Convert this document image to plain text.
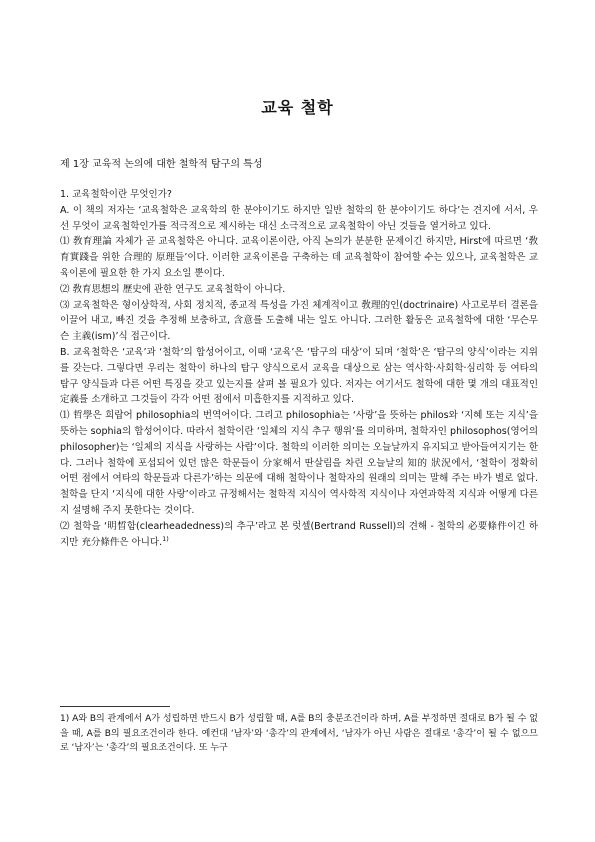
교육 철학
제 1장 교육적 논의에 대한 철학적 탐구의 특성

1. 교육철학이란 무엇인가?

A. 이 책의 저자는 ‘교육철학은 교육학의 한 분야이기도 하지만 일반 철학의 한 분야이기도 하다’는 견지에 서서, 우선 무엇이 교육철학인가를 적극적으로 제시하는 대신 소극적으로 교육철학이 아닌 것들을 열거하고 있다.

⑴ 敎育理論 자체가 곧 교육철학은 아니다. 교육이론이란, 아직 논의가 분분한 문제이긴 하지만, Hirst에 따르면 ‘敎育實踐을 위한 合理的 原理들’이다. 이러한 교육이론을 구축하는 데 교육철학이 참여할 수는 있으나, 교육철학은 교육이론에 필요한 한 가지 요소일 뿐이다.

⑵ 敎育思想의 歷史에 관한 연구도 교육철학이 아니다.

⑶ 교육철학은 형이상학적, 사회 정치적, 종교적 특성을 가진 체계적이고 敎理的인(doctrinaire) 사고로부터 결론을 이끌어 내고, 빠진 것을 추정해 보충하고, 含意를 도출해 내는 일도 아니다. 그러한 활동은 교육철학에 대한 ‘무슨무슨 主義(ism)’식 접근이다.

B. 교육철학은 ‘교육’과 ‘철학’의 합성어이고, 이때 ‘교육’은 ‘탐구의 대상’이 되며 ‘철학’은 ‘탐구의 양식’이라는 지위를 갖는다. 그렇다면 우리는 철학이 하나의 탐구 양식으로서 교육을 대상으로 삼는 역사학·사회학·심리학 등 여타의 탐구 양식들과 다른 어떤 특징을 갖고 있는지를 살펴 볼 필요가 있다. 저자는 여기서도 철학에 대한 몇 개의 대표적인 定義를 소개하고 그것들이 각각 어떤 점에서 미흡한지를 지적하고 있다.

⑴ 哲學은 희랍어 philosophia의 번역어이다. 그리고 philosophia는 ‘사랑’을 뜻하는 philos와 ‘지혜 또는 지식’을 뜻하는 sophia의 합성어이다. 따라서 철학이란 ‘일체의 지식 추구 행위’를 의미하며, 철학자인 philosophos(영어의 philosopher)는 ‘일체의 지식을 사랑하는 사람’이다. 철학의 이러한 의미는 오늘날까지 유지되고 받아들여지기는 한다. 그러나 철학에 포섭되어 있던 많은 학문들이 分家해서 딴살림을 차린 오늘날의 知的 狀況에서, ‘철학이 정확히 어떤 점에서 여타의 학문들과 다른가’하는 의문에 대해 철학이나 철학자의 원래의 의미는 말해 주는 바가 별로 없다. 철학을 단지 ‘지식에 대한 사랑’이라고 규정해서는 철학적 지식이 역사학적 지식이나 자연과학적 지식과 어떻게 다른지 설명해 주지 못한다는 것이다.

⑵ 철학을 ‘明晳함(clearheadedness)의 추구’라고 본 럿셀(Bertrand Russell)의 견해 - 철학의 必要條件이긴 하지만 充分條件은 아니다.$^{1)}$

1) A와 B의 관계에서 A가 성립하면 반드시 B가 성립할 때, A를 B의 충분조건이라 하며, A를 부정하면 절대로 B가 될 수 없을 때, A를 B의 필요조건이라 한다. 예컨대 ‘남자’와 ‘총각’의 관계에서, ‘남자가 아닌 사람은 절대로 ‘총각’이 될 수 없으므로 ‘남자’는 ‘총각’의 필요조건이다. 또 누구
